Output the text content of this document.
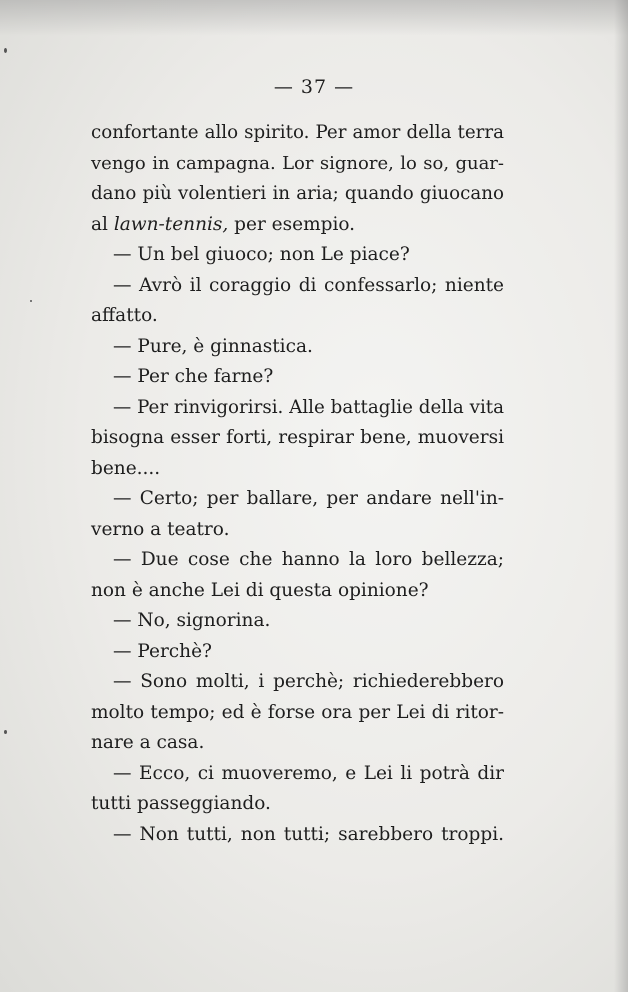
— 37 —
confortante allo spirito. Per amor della terra
vengo in campagna. Lor signore, lo so, guar-
dano più volentieri in aria; quando giuocano
al lawn-tennis, per esempio.
— Un bel giuoco; non Le piace?
— Avrò il coraggio di confessarlo; niente
affatto.
— Pure, è ginnastica.
— Per che farne?
— Per rinvigorirsi. Alle battaglie della vita
bisogna esser forti, respirar bene, muoversi
bene....
— Certo; per ballare, per andare nell'in-
verno a teatro.
— Due cose che hanno la loro bellezza;
non è anche Lei di questa opinione?
— No, signorina.
— Perchè?
— Sono molti, i perchè; richiederebbero
molto tempo; ed è forse ora per Lei di ritor-
nare a casa.
— Ecco, ci muoveremo, e Lei li potrà dir
tutti passeggiando.
— Non tutti, non tutti; sarebbero troppi.
